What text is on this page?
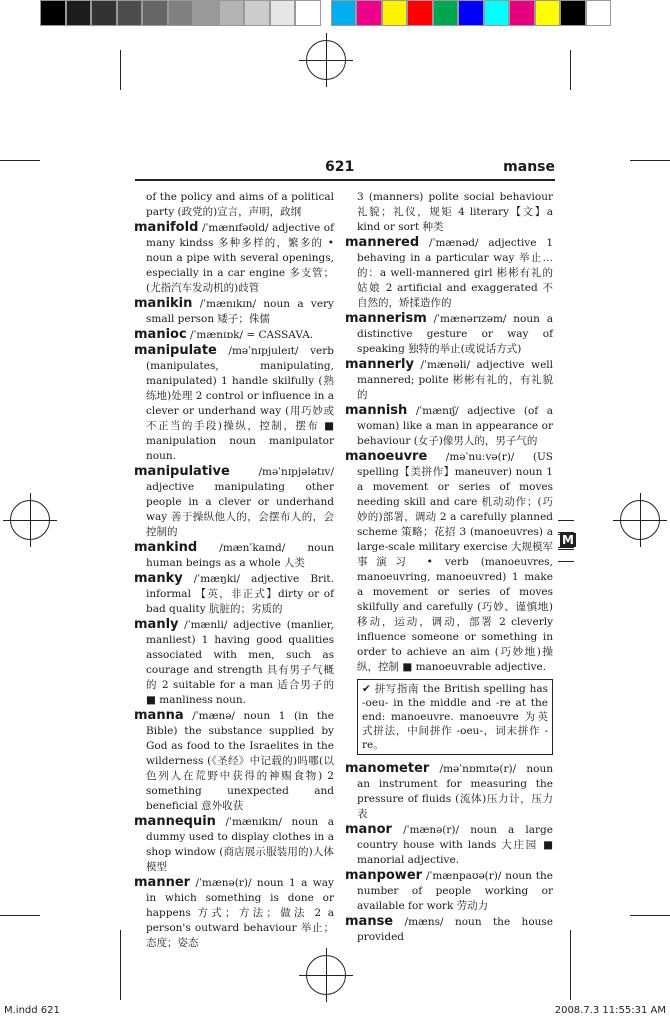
621	manse

of the policy and aims of a political party (政党的)宣言，声明，政纲

manifold /ˈmænɪfəʊld/ adjective of many kindss 多种多样的，繁多的 • noun a pipe with several openings, especially in a car engine 多支管；(尤指汽车发动机的)歧管

manikin /ˈmænɪkɪn/ noun a very small person 矮子；侏儒

manioc /ˈmænɪɒk/ = CASSAVA.

manipulate /məˈnɪpjuleɪt/ verb (manipulates, manipulating, manipulated) 1 handle skilfully (熟练地)处理 2 control or influence in a clever or underhand way (用巧妙或不正当的手段)操纵，控制，摆布 ■ manipulation noun manipulator noun.

manipulative /məˈnɪpjələtɪv/ adjective manipulating other people in a clever or underhand way 善于操纵他人的，会摆布人的，会控制的

mankind /mænˈkaɪnd/ noun human beings as a whole 人类

manky /ˈmæŋki/ adjective Brit. informal 【英，非正式】dirty or of bad quality 肮脏的；劣质的

manly /ˈmænli/ adjective (manlier, manliest) 1 having good qualities associated with men, such as courage and strength 具有男子气概的 2 suitable for a man 适合男子的 ■ manliness noun.

manna /ˈmænə/ noun 1 (in the Bible) the substance supplied by God as food to the Israelites in the wilderness (《圣经》中记载的)吗哪(以色列人在荒野中获得的神赐食物) 2 something unexpected and beneficial 意外收获

mannequin /ˈmænɪkɪn/ noun a dummy used to display clothes in a shop window (商店展示服装用的)人体模型

manner /ˈmænə(r)/ noun 1 a way in which something is done or happens 方式；方法；做法 2 a person's outward behaviour 举止；态度；姿态

3 (manners) polite social behaviour 礼貌；礼仪，规矩 4 literary【文】a kind or sort 种类

mannered /ˈmænəd/ adjective 1 behaving in a particular way 举止…的：a well-mannered girl 彬彬有礼的姑娘 2 artificial and exaggerated 不自然的，矫揉造作的

mannerism /ˈmænərɪzəm/ noun a distinctive gesture or way of speaking 独特的举止(或说话方式)

mannerly /ˈmænəli/ adjective well mannered; polite 彬彬有礼的，有礼貌的

mannish /ˈmænɪʃ/ adjective (of a woman) like a man in appearance or behaviour (女子)像男人的，男子气的

manoeuvre /məˈnuːvə(r)/ (US spelling【美拼作】maneuver) noun 1 a movement or series of moves needing skill and care 机动动作；(巧妙的)部署，调动 2 a carefully planned scheme 策略；花招 3 (manoeuvres) a large-scale military exercise 大规模军事演习 • verb (manoeuvres, manoeuvring, manoeuvred) 1 make a movement or series of moves skilfully and carefully (巧妙、谨慎地)移动，运动，调动，部署 2 cleverly influence someone or something in order to achieve an aim (巧妙地)操纵，控制 ■ manoeuvrable adjective.

✔ 拼写指南 the British spelling has -oeu- in the middle and -re at the end: manoeuvre. manoeuvre 为英式拼法，中间拼作 -oeu-，词末拼作 -re。

manometer /məˈnɒmɪtə(r)/ noun an instrument for measuring the pressure of fluids (流体)压力计，压力表

manor /ˈmænə(r)/ noun a large country house with lands 大庄园 ■ manorial adjective.

manpower /ˈmænpaʊə(r)/ noun the number of people working or available for work 劳动力

manse /mæns/ noun the house provided

M
M.indd 621	2008.7.3 11:55:31 AM
